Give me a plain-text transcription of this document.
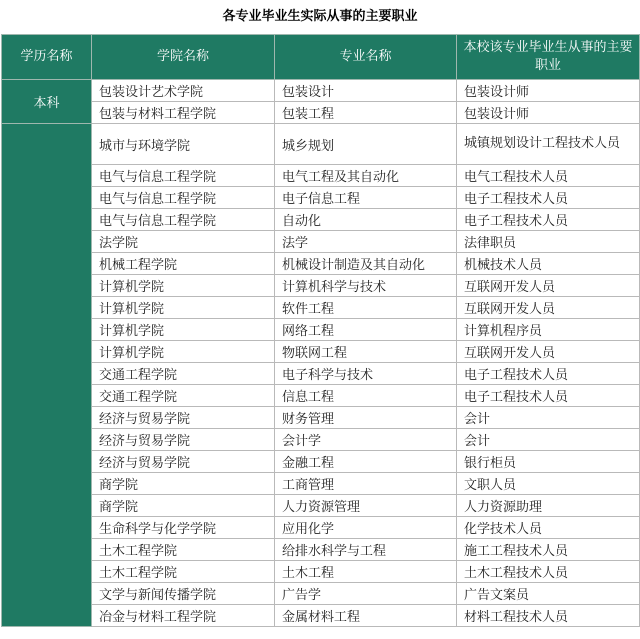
各专业毕业生实际从事的主要职业
学历名称	学院名称	专业名称	本校该专业毕业生从事的主要职业
本科	包装设计艺术学院	包装设计	包装设计师
	包装与材料工程学院	包装工程	包装设计师
	城市与环境学院	城乡规划	城镇规划设计工程技术人员
	电气与信息工程学院	电气工程及其自动化	电气工程技术人员
	电气与信息工程学院	电子信息工程	电子工程技术人员
	电气与信息工程学院	自动化	电子工程技术人员
	法学院	法学	法律职员
	机械工程学院	机械设计制造及其自动化	机械技术人员
	计算机学院	计算机科学与技术	互联网开发人员
	计算机学院	软件工程	互联网开发人员
	计算机学院	网络工程	计算机程序员
	计算机学院	物联网工程	互联网开发人员
	交通工程学院	电子科学与技术	电子工程技术人员
	交通工程学院	信息工程	电子工程技术人员
	经济与贸易学院	财务管理	会计
	经济与贸易学院	会计学	会计
	经济与贸易学院	金融工程	银行柜员
	商学院	工商管理	文职人员
	商学院	人力资源管理	人力资源助理
	生命科学与化学学院	应用化学	化学技术人员
	土木工程学院	给排水科学与工程	施工工程技术人员
	土木工程学院	土木工程	土木工程技术人员
	文学与新闻传播学院	广告学	广告文案员
	冶金与材料工程学院	金属材料工程	材料工程技术人员
